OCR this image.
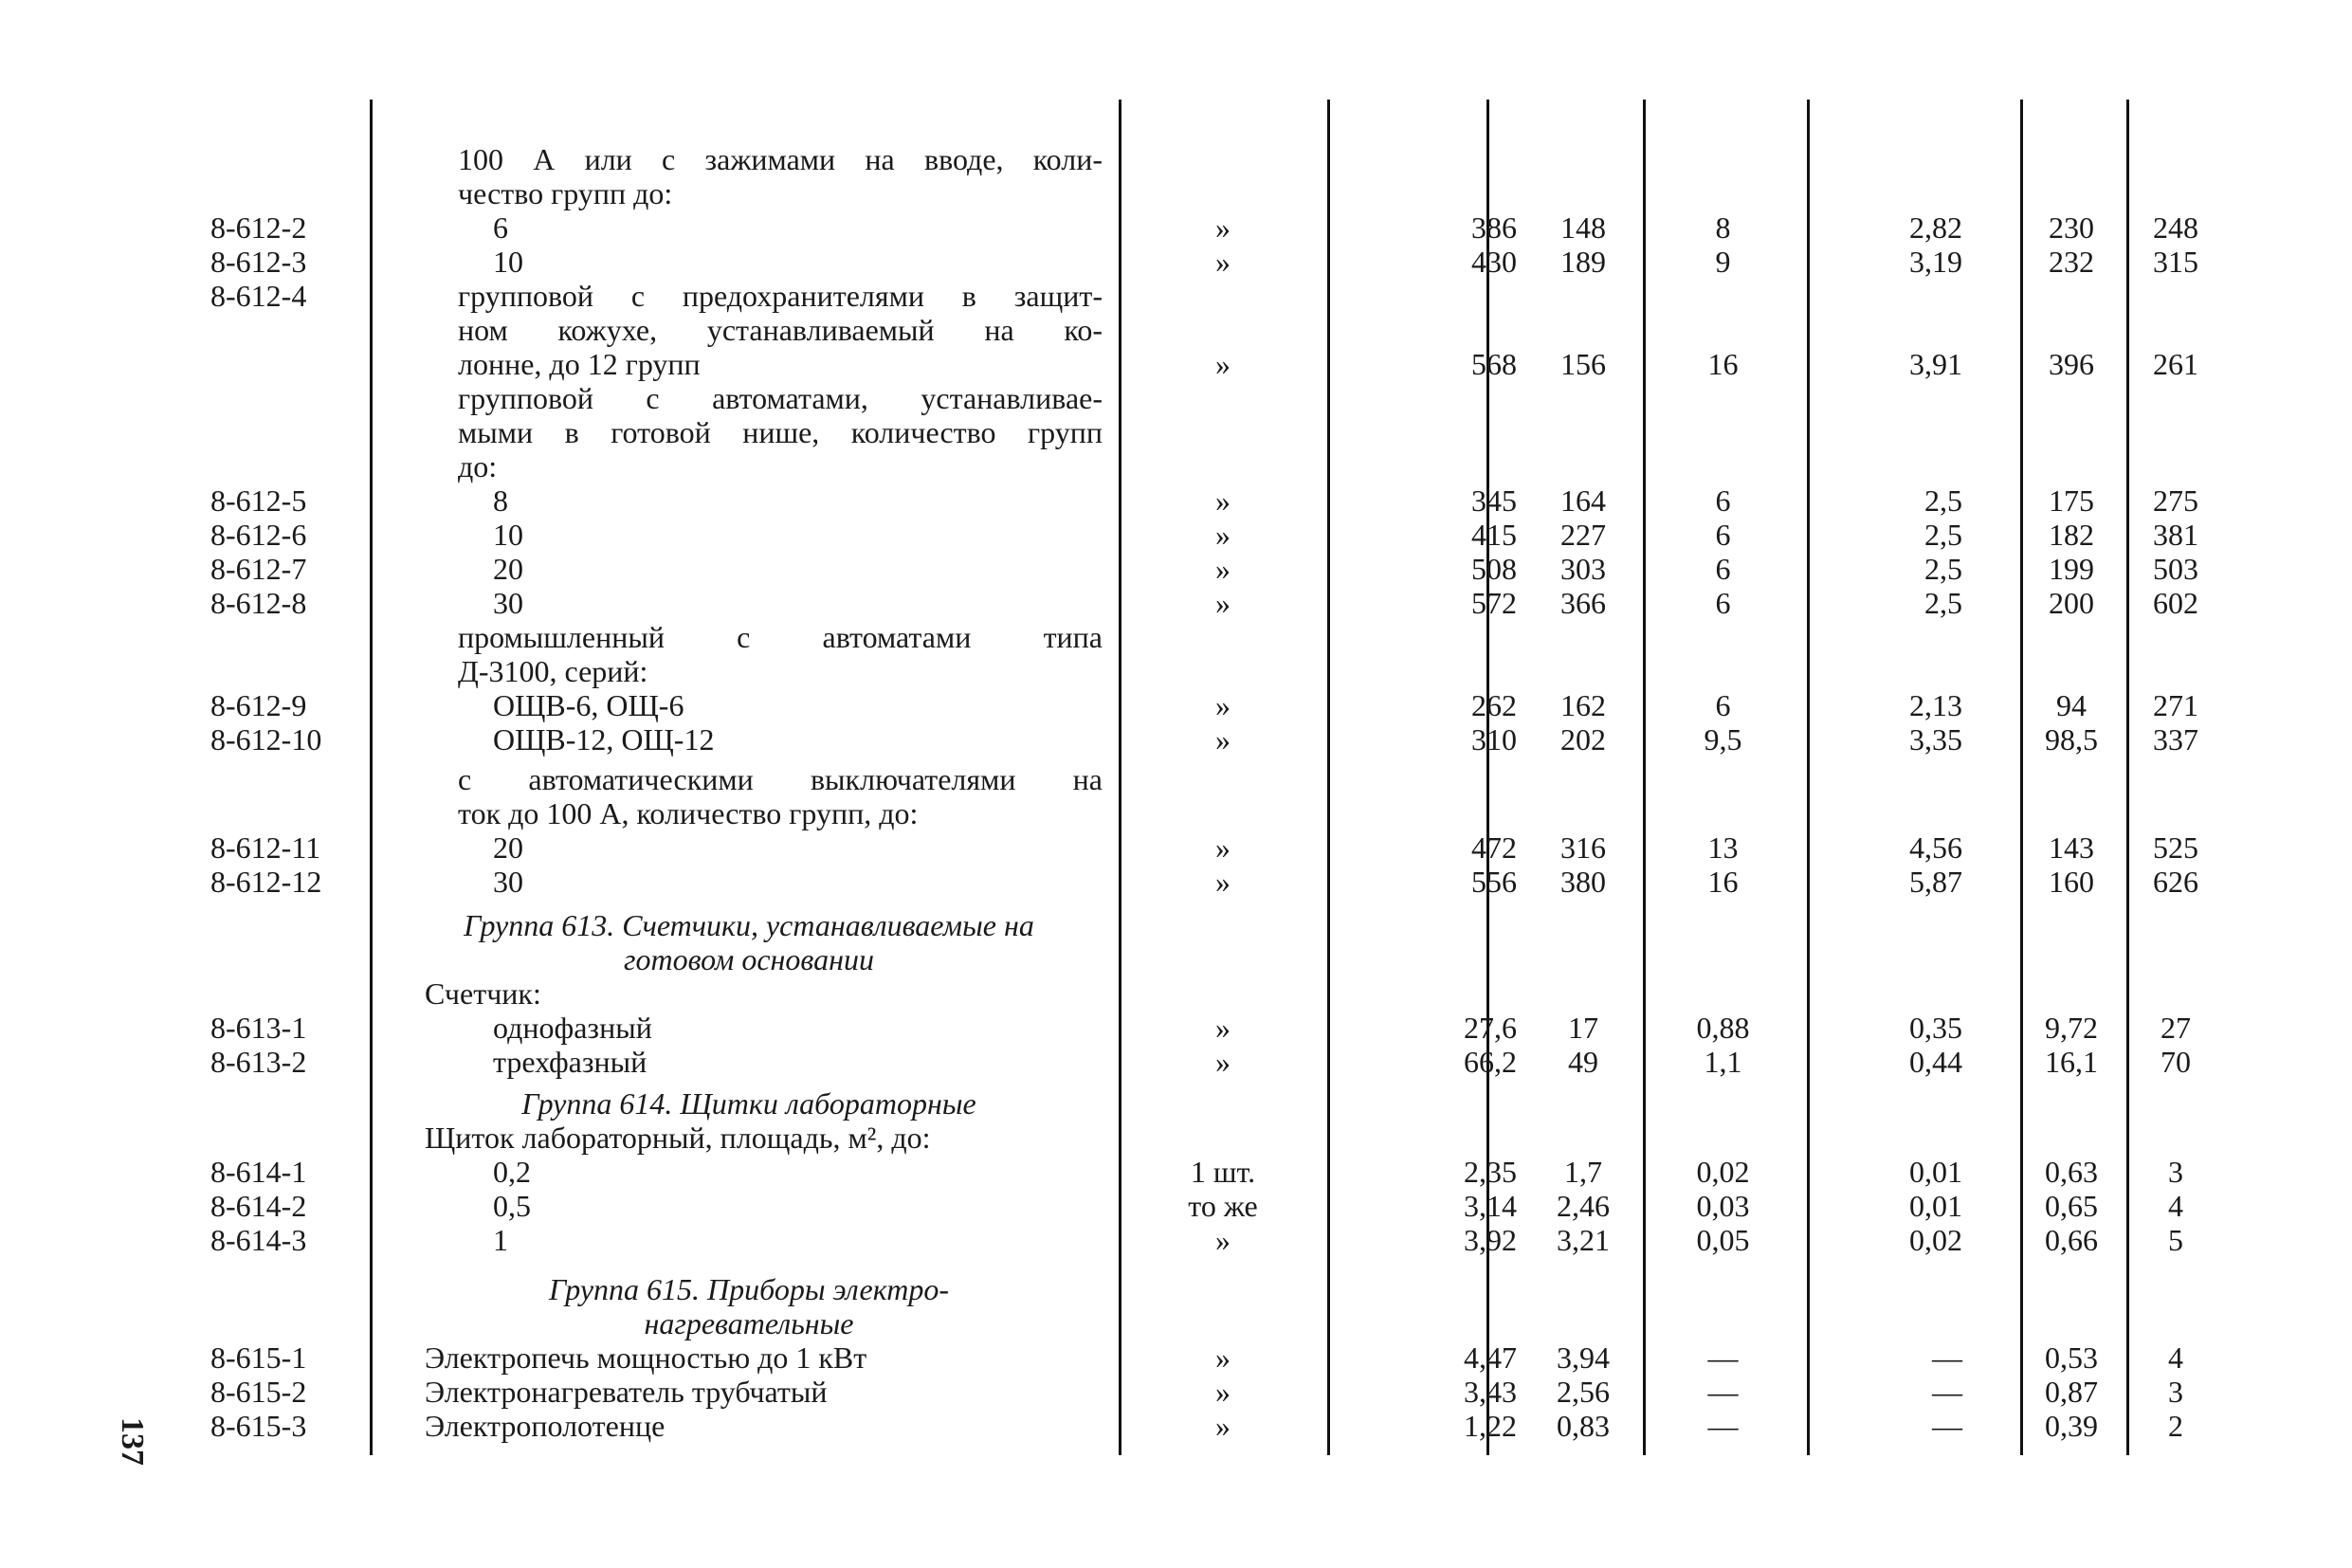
100 А или с зажимами на вводе, коли-
чество групп до:
8-612-2	6	»	386	148	8	2,82	230	248
8-612-3	10	»	430	189	9	3,19	232	315
8-612-4	групповой с предохранителями в защит-
ном кожухе, устанавливаемый на ко-
лонне, до 12 групп	»	568	156	16	3,91	396	261
групповой с автоматами, устанавливае-
мыми в готовой нише, количество групп
до:
8-612-5	8	»	345	164	6	2,5	175	275
8-612-6	10	»	415	227	6	2,5	182	381
8-612-7	20	»	508	303	6	2,5	199	503
8-612-8	30	»	572	366	6	2,5	200	602
промышленный с автоматами типа
Д-3100, серий:
8-612-9	ОЩВ-6, ОЩ-6	»	262	162	6	2,13	94	271
8-612-10	ОЩВ-12, ОЩ-12	»	310	202	9,5	3,35	98,5	337
с автоматическими выключателями на
ток до 100 А, количество групп, до:
8-612-11	20	»	472	316	13	4,56	143	525
8-612-12	30	»	556	380	16	5,87	160	626
Группа 613. Счетчики, устанавливаемые на
готовом основании
Счетчик:
8-613-1	однофазный	»	27,6	17	0,88	0,35	9,72	27
8-613-2	трехфазный	»	66,2	49	1,1	0,44	16,1	70
Группа 614. Щитки лабораторные
Щиток лабораторный, площадь, м², до:
8-614-1	0,2	1 шт.	2,35	1,7	0,02	0,01	0,63	3
8-614-2	0,5	то же	3,14	2,46	0,03	0,01	0,65	4
8-614-3	1	»	3,92	3,21	0,05	0,02	0,66	5
Группа 615. Приборы электро-
нагревательные
8-615-1	Электропечь мощностью до 1 кВт	»	4,47	3,94	—	—	0,53	4
8-615-2	Электронагреватель трубчатый	»	3,43	2,56	—	—	0,87	3
8-615-3	Электрополотенце	»	1,22	0,83	—	—	0,39	2
137
